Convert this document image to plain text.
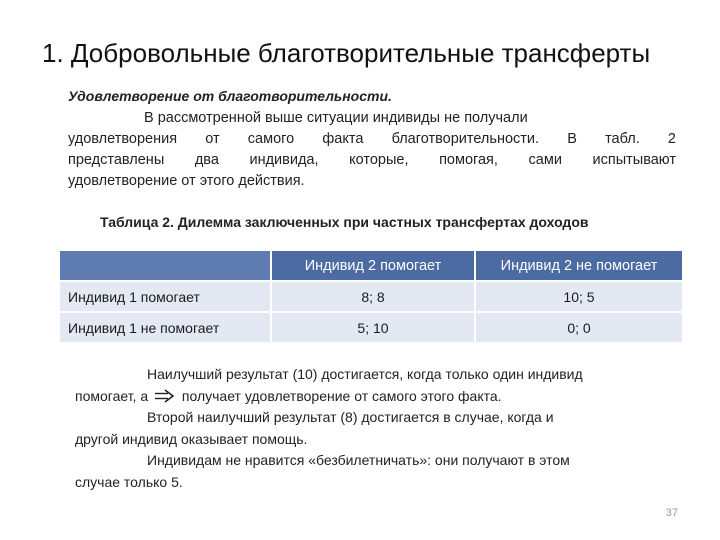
1. Добровольные благотворительные трансферты
Удовлетворение от благотворительности.
В рассмотренной выше ситуации индивиды не получали
удовлетворения от самого факта благотворительности. В табл. 2
представлены два индивида, которые, помогая, сами испытывают
удовлетворение от этого действия.
Таблица 2. Дилемма заключенных при частных трансфертах доходов
	Индивид 2 помогает	Индивид 2 не помогает
Индивид 1 помогает	8; 8	10; 5
Индивид 1 не помогает	5; 10	0; 0
Наилучший результат (10) достигается, когда только один индивид
помогает, а получает удовлетворение от самого этого факта.
Второй наилучший результат (8) достигается в случае, когда и
другой индивид оказывает помощь.
Индивидам не нравится «безбилетничать»: они получают в этом
случае только 5.
37
